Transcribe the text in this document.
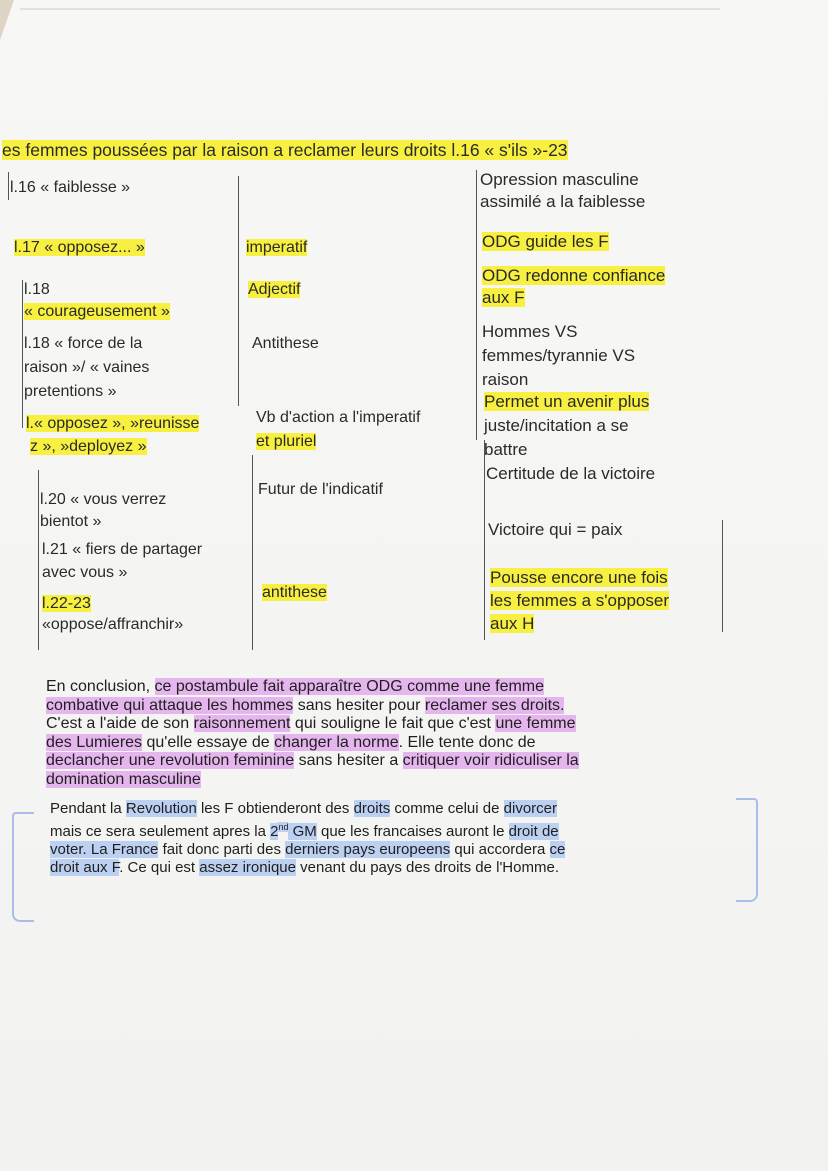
es femmes poussées par la raison a reclamer leurs droits l.16 « s'ils »-23
l.16 « faiblesse »	Opression masculine
assimilé a la faiblesse
l.17 « opposez... »	imperatif	ODG guide les F
l.18
« courageusement »
Adjectif
ODG redonne confiance
aux F
l.18 « force de la
raison »/ « vaines
pretentions »
Antithese
Hommes VS
femmes/tyrannie VS
raison
l.« opposez », »reunisse
z », »deployez »
Vb d'action a l'imperatif
et pluriel
Permet un avenir plus
juste/incitation a se
battre
l.20 « vous verrez
bientot »
Futur de l'indicatif
Certitude de la victoire
l.21 « fiers de partager
avec vous »
Victoire qui = paix
l.22-23
«oppose/affranchir»
antithese
Pousse encore une fois
les femmes a s'opposer
aux H
En conclusion, ce postambule fait apparaître ODG comme une femme
combative qui attaque les hommes sans hesiter pour reclamer ses droits.
C'est a l'aide de son raisonnement qui souligne le fait que c'est une femme
des Lumieres qu'elle essaye de changer la norme. Elle tente donc de
declancher une revolution feminine sans hesiter a critiquer voir ridiculiser la
domination masculine
Pendant la Revolution les F obtienderont des droits comme celui de divorcer
mais ce sera seulement apres la 2nd GM que les francaises auront le droit de
voter. La France fait donc parti des derniers pays europeens qui accordera ce
droit aux F. Ce qui est assez ironique venant du pays des droits de l'Homme.
